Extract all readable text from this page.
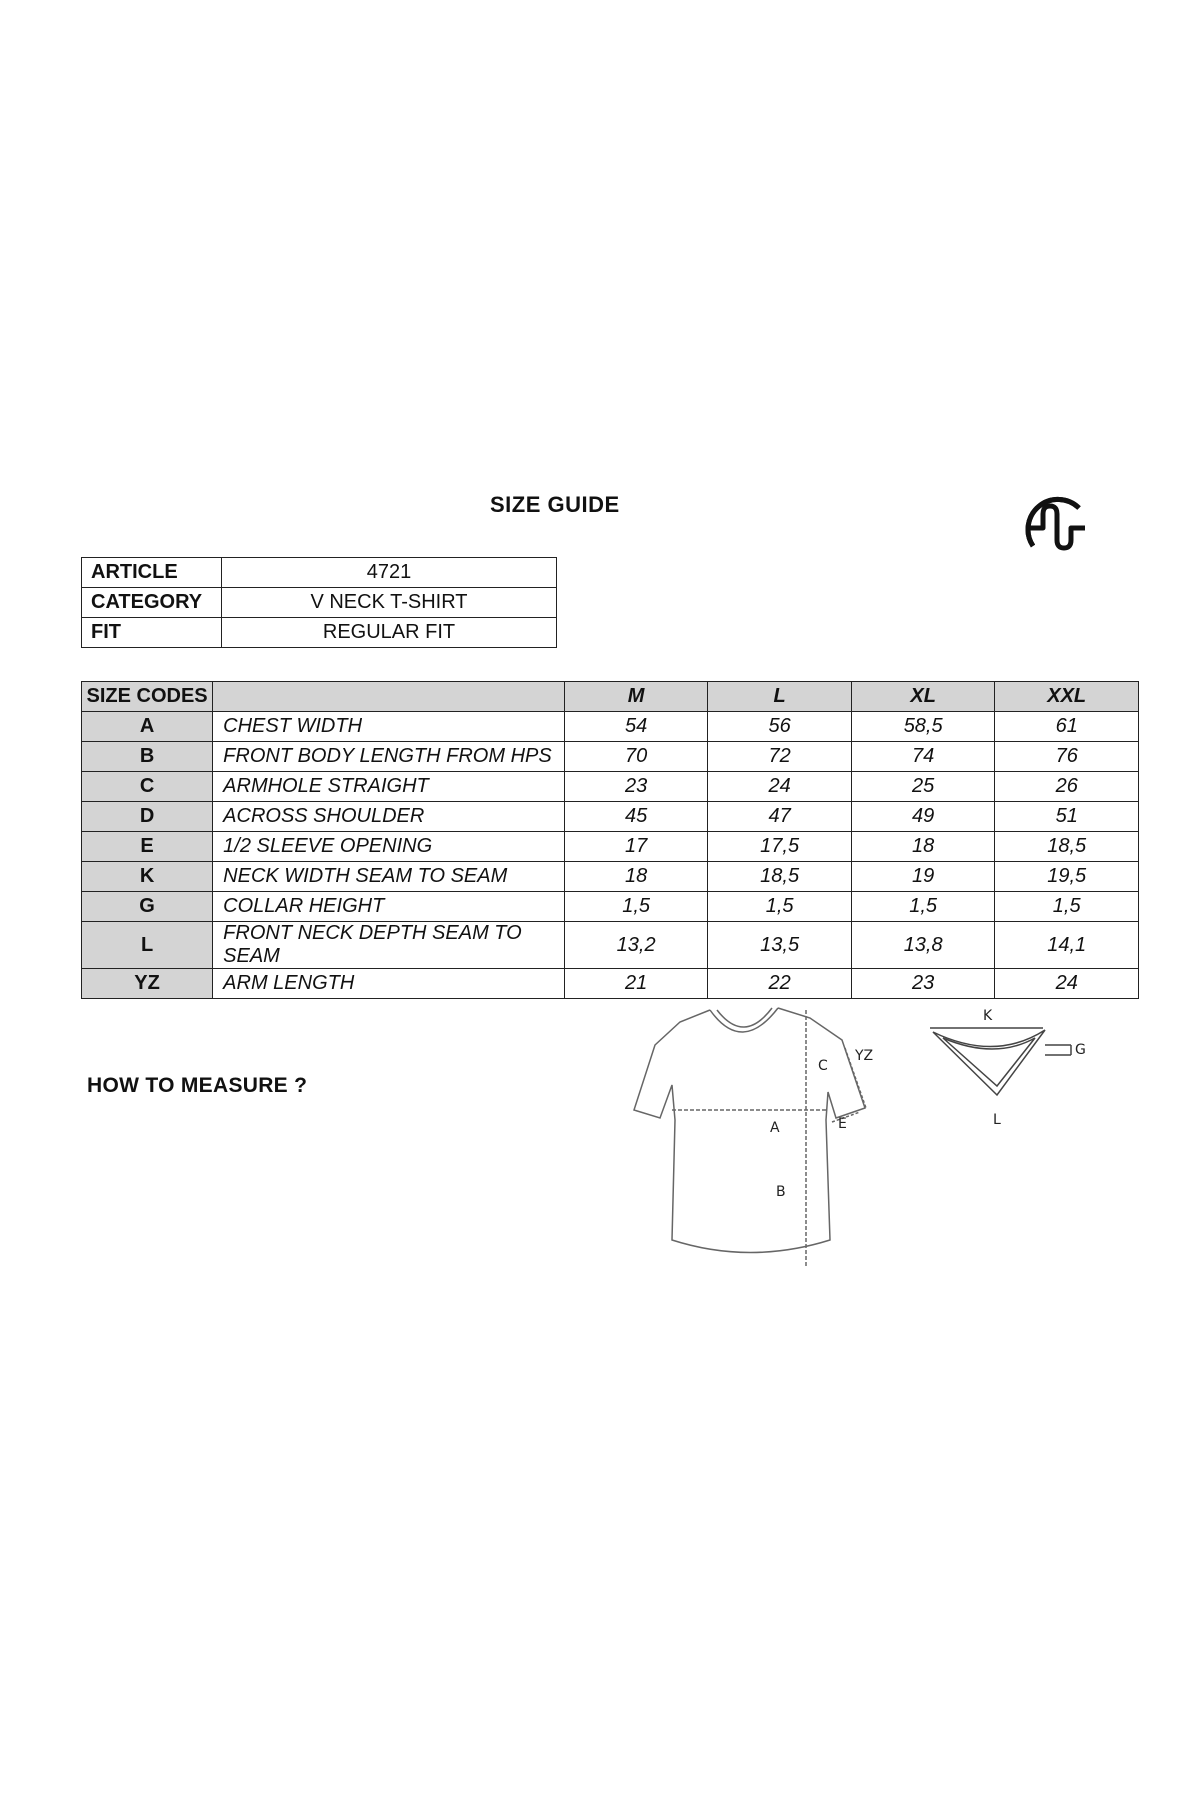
SIZE GUIDE
ARTICLE	4721
CATEGORY	V NECK T-SHIRT
FIT	REGULAR FIT
SIZE CODES		M	L	XL	XXL
A	CHEST WIDTH	54	56	58,5	61
B	FRONT BODY LENGTH FROM HPS	70	72	74	76
C	ARMHOLE STRAIGHT	23	24	25	26
D	ACROSS SHOULDER	45	47	49	51
E	1/2 SLEEVE OPENING	17	17,5	18	18,5
K	NECK WIDTH SEAM TO SEAM	18	18,5	19	19,5
G	COLLAR HEIGHT	1,5	1,5	1,5	1,5
L	FRONT NECK DEPTH SEAM TO SEAM	13,2	13,5	13,8	14,1
YZ	ARM LENGTH	21	22	23	24
HOW TO MEASURE ?
C
YZ
E
A
B
K
G
L
